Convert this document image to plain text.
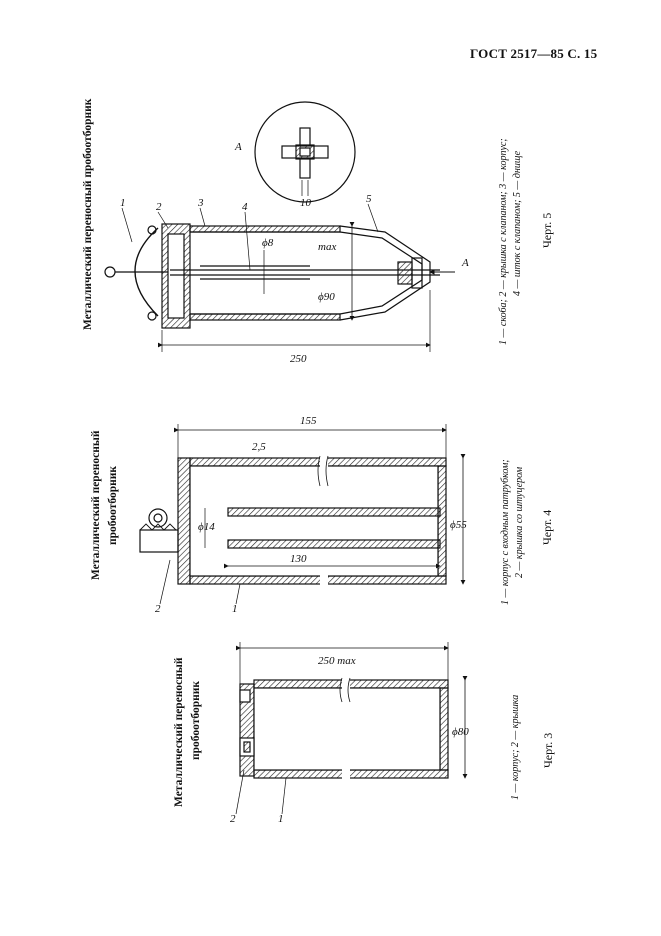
ГОСТ 2517—85 С. 15
Металлический переносный пробоотборник	1 — скоба; 2 — крышка с клапаном; 3 — корпус; 4 — шток с клапаном; 5 — днище Черт. 5
Металлический переносный пробоотборник	1 — корпус с входным патрубком; 2 — крышка со штуцером Черт. 4
Металлический переносный пробоотборник	1 — корпус; 2 — крышка Черт. 3
1	2	3	4
5
А
А
250
ϕ8	max
ϕ90
10
2	1
155
2,5
ϕ14
130
ϕ55
2	1
250 max
ϕ80
